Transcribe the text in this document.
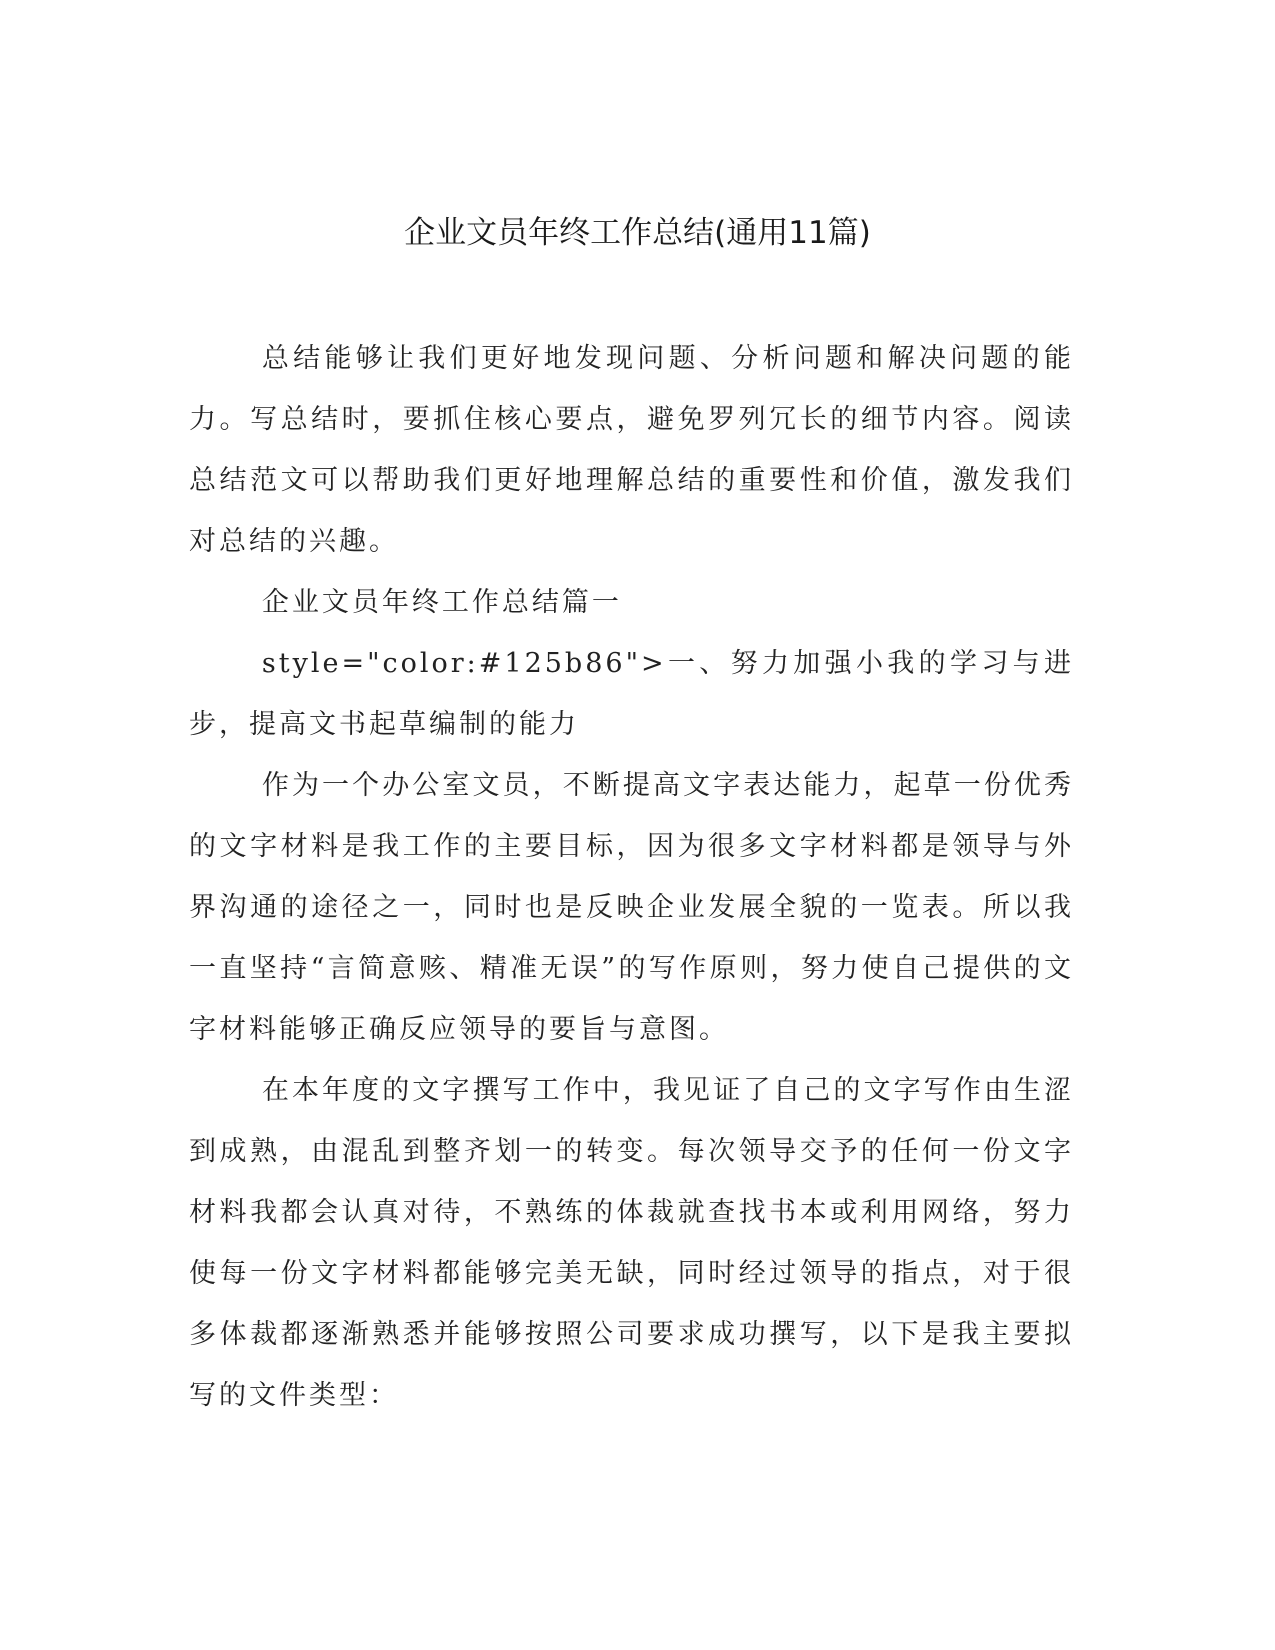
企业文员年终工作总结(通用11篇)

总结能够让我们更好地发现问题、分析问题和解决问题的能力。写总结时，要抓住核心要点，避免罗列冗长的细节内容。阅读总结范文可以帮助我们更好地理解总结的重要性和价值，激发我们对总结的兴趣。

企业文员年终工作总结篇一

style="color:#125b86">一、努力加强小我的学习与进步，提高文书起草编制的能力

作为一个办公室文员，不断提高文字表达能力，起草一份优秀的文字材料是我工作的主要目标，因为很多文字材料都是领导与外界沟通的途径之一，同时也是反映企业发展全貌的一览表。所以我一直坚持“言简意赅、精准无误”的写作原则，努力使自己提供的文字材料能够正确反应领导的要旨与意图。

在本年度的文字撰写工作中，我见证了自己的文字写作由生涩到成熟，由混乱到整齐划一的转变。每次领导交予的任何一份文字材料我都会认真对待，不熟练的体裁就查找书本或利用网络，努力使每一份文字材料都能够完美无缺，同时经过领导的指点，对于很多体裁都逐渐熟悉并能够按照公司要求成功撰写，以下是我主要拟写的文件类型：
